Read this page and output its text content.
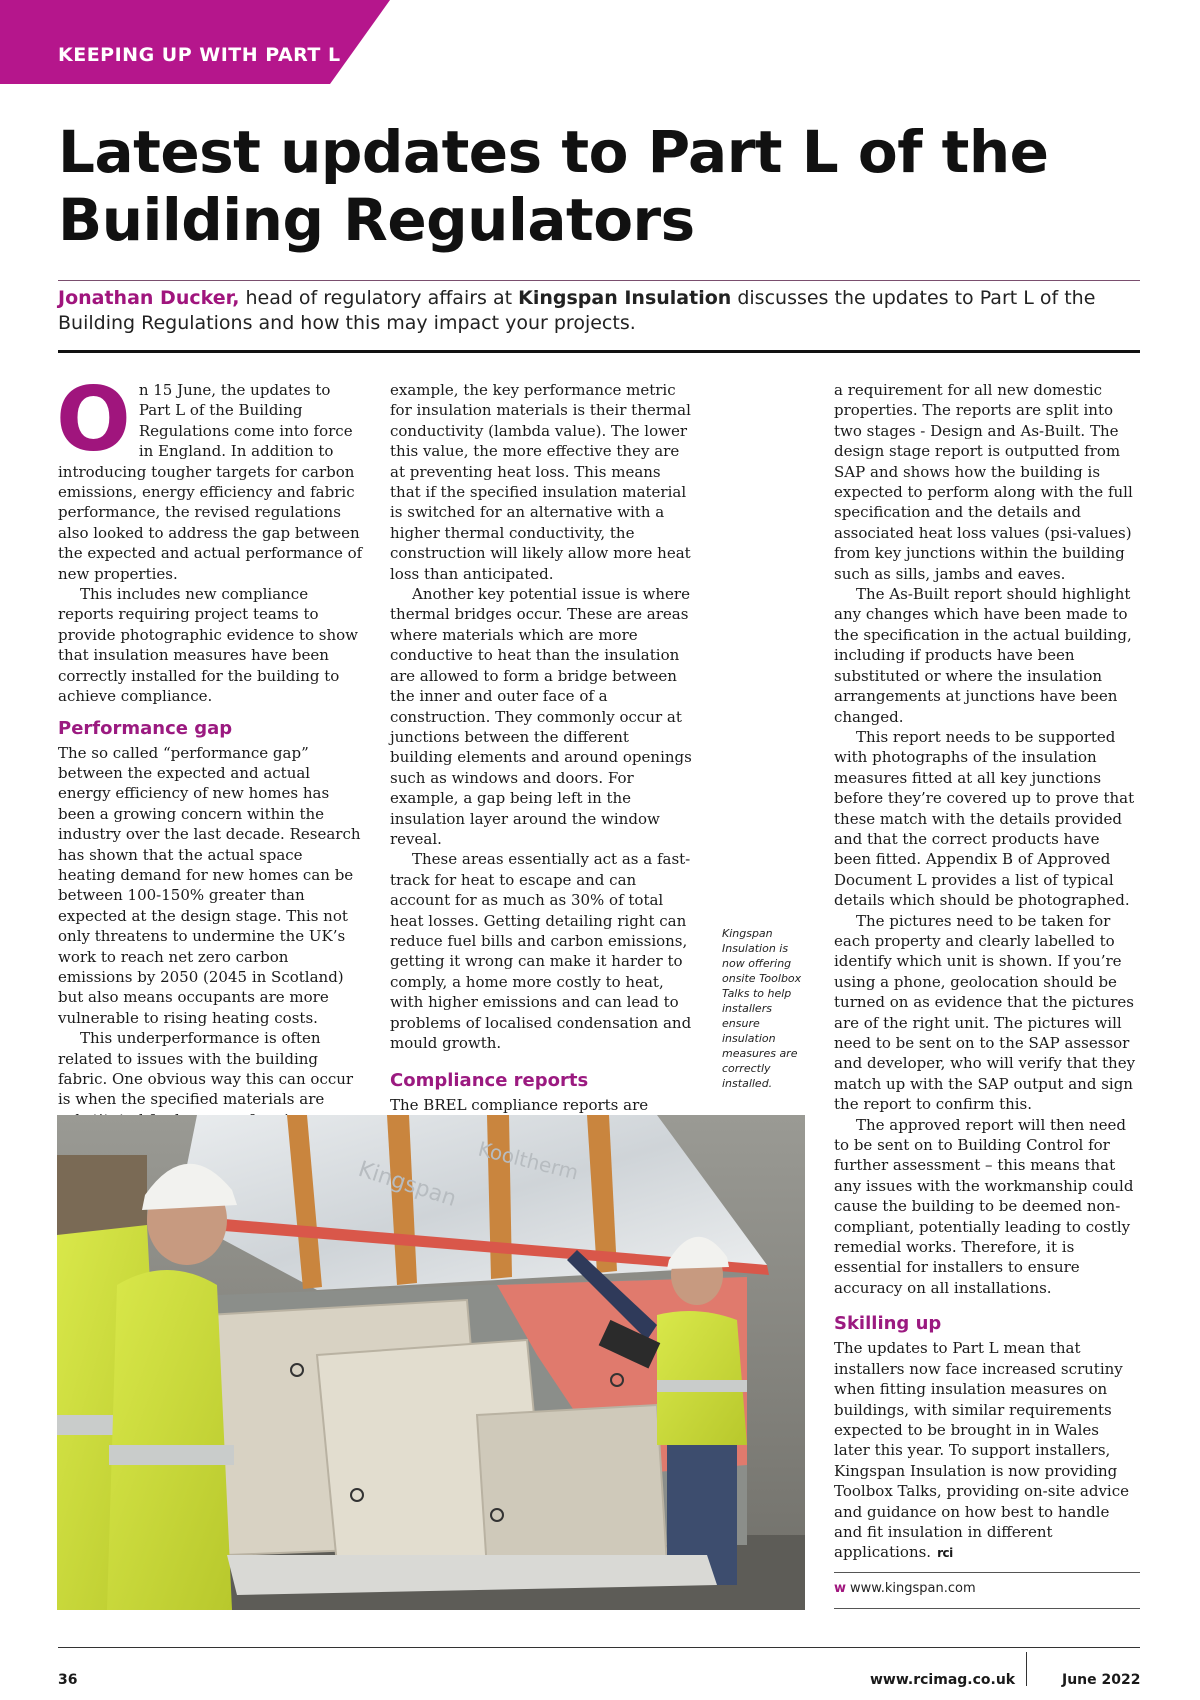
KEEPING UP WITH PART L
Latest updates to Part L of the Building Regulators

Jonathan Ducker, head of regulatory affairs at Kingspan Insulation discusses the updates to Part L of the Building Regulations and how this may impact your projects.

On 15 June, the updates to Part L of the Building Regulations come into force in England. In addition to introducing tougher targets for carbon emissions, energy efficiency and fabric performance, the revised regulations also looked to address the gap between the expected and actual performance of new properties.

This includes new compliance reports requiring project teams to provide photographic evidence to show that insulation measures have been correctly installed for the building to achieve compliance.

Performance gap

The so called “performance gap” between the expected and actual energy efficiency of new homes has been a growing concern within the industry over the last decade. Research has shown that the actual space heating demand for new homes can be between 100-150% greater than expected at the design stage. This not only threatens to undermine the UK’s work to reach net zero carbon emissions by 2050 (2045 in Scotland) but also means occupants are more vulnerable to rising heating costs.

This underperformance is often related to issues with the building fabric. One obvious way this can occur is when the specified materials are

example, the key performance metric for insulation materials is their thermal conductivity (lambda value). The lower this value, the more effective they are at preventing heat loss. This means that if the specified insulation material is switched for an alternative with a higher thermal conductivity, the construction will likely allow more heat loss than anticipated.

Another key potential issue is where thermal bridges occur. These are areas where materials which are more conductive to heat than the insulation are allowed to form a bridge between the inner and outer face of a construction. They commonly occur at junctions between the different building elements and around openings such as windows and doors. For example, a gap being left in the insulation layer around the window reveal.

These areas essentially act as a fast-track for heat to escape and can account for as much as 30% of total heat losses. Getting detailing right can reduce fuel bills and carbon emissions, getting it wrong can make it harder to comply, a home more costly to heat, with higher emissions and can lead to problems of localised condensation and mould growth.

Compliance reports

The BREL compliance reports are

Kingspan Insulation is now offering onsite Toolbox Talks to help installers ensure insulation measures are correctly installed.

a requirement for all new domestic properties. The reports are split into two stages - Design and As-Built. The design stage report is outputted from SAP and shows how the building is expected to perform along with the full specification and the details and associated heat loss values (psi-values) from key junctions within the building such as sills, jambs and eaves.

The As-Built report should highlight any changes which have been made to the specification in the actual building, including if products have been substituted or where the insulation arrangements at junctions have been changed.

This report needs to be supported with photographs of the insulation measures fitted at all key junctions before they’re covered up to prove that these match with the details provided and that the correct products have been fitted. Appendix B of Approved Document L provides a list of typical details which should be photographed.

The pictures need to be taken for each property and clearly labelled to identify which unit is shown. If you’re using a phone, geolocation should be turned on as evidence that the pictures are of the right unit. The pictures will need to be sent on to the SAP assessor and developer, who will verify that they match up with the SAP output and sign the report to confirm this.

The approved report will then need to be sent on to Building Control for further assessment – this means that any issues with the workmanship could cause the building to be deemed non-compliant, potentially leading to costly remedial works. Therefore, it is essential for installers to ensure accuracy on all installations.

Skilling up

The updates to Part L mean that installers now face increased scrutiny when fitting insulation measures on buildings, with similar requirements expected to be brought in in Wales later this year. To support installers, Kingspan Insulation is now providing Toolbox Talks, providing on-site advice and guidance on how best to handle and fit insulation in different applications. rci

w www.kingspan.com
Kingspan Kooltherm
36	www.rcimag.co.uk	June 2022
